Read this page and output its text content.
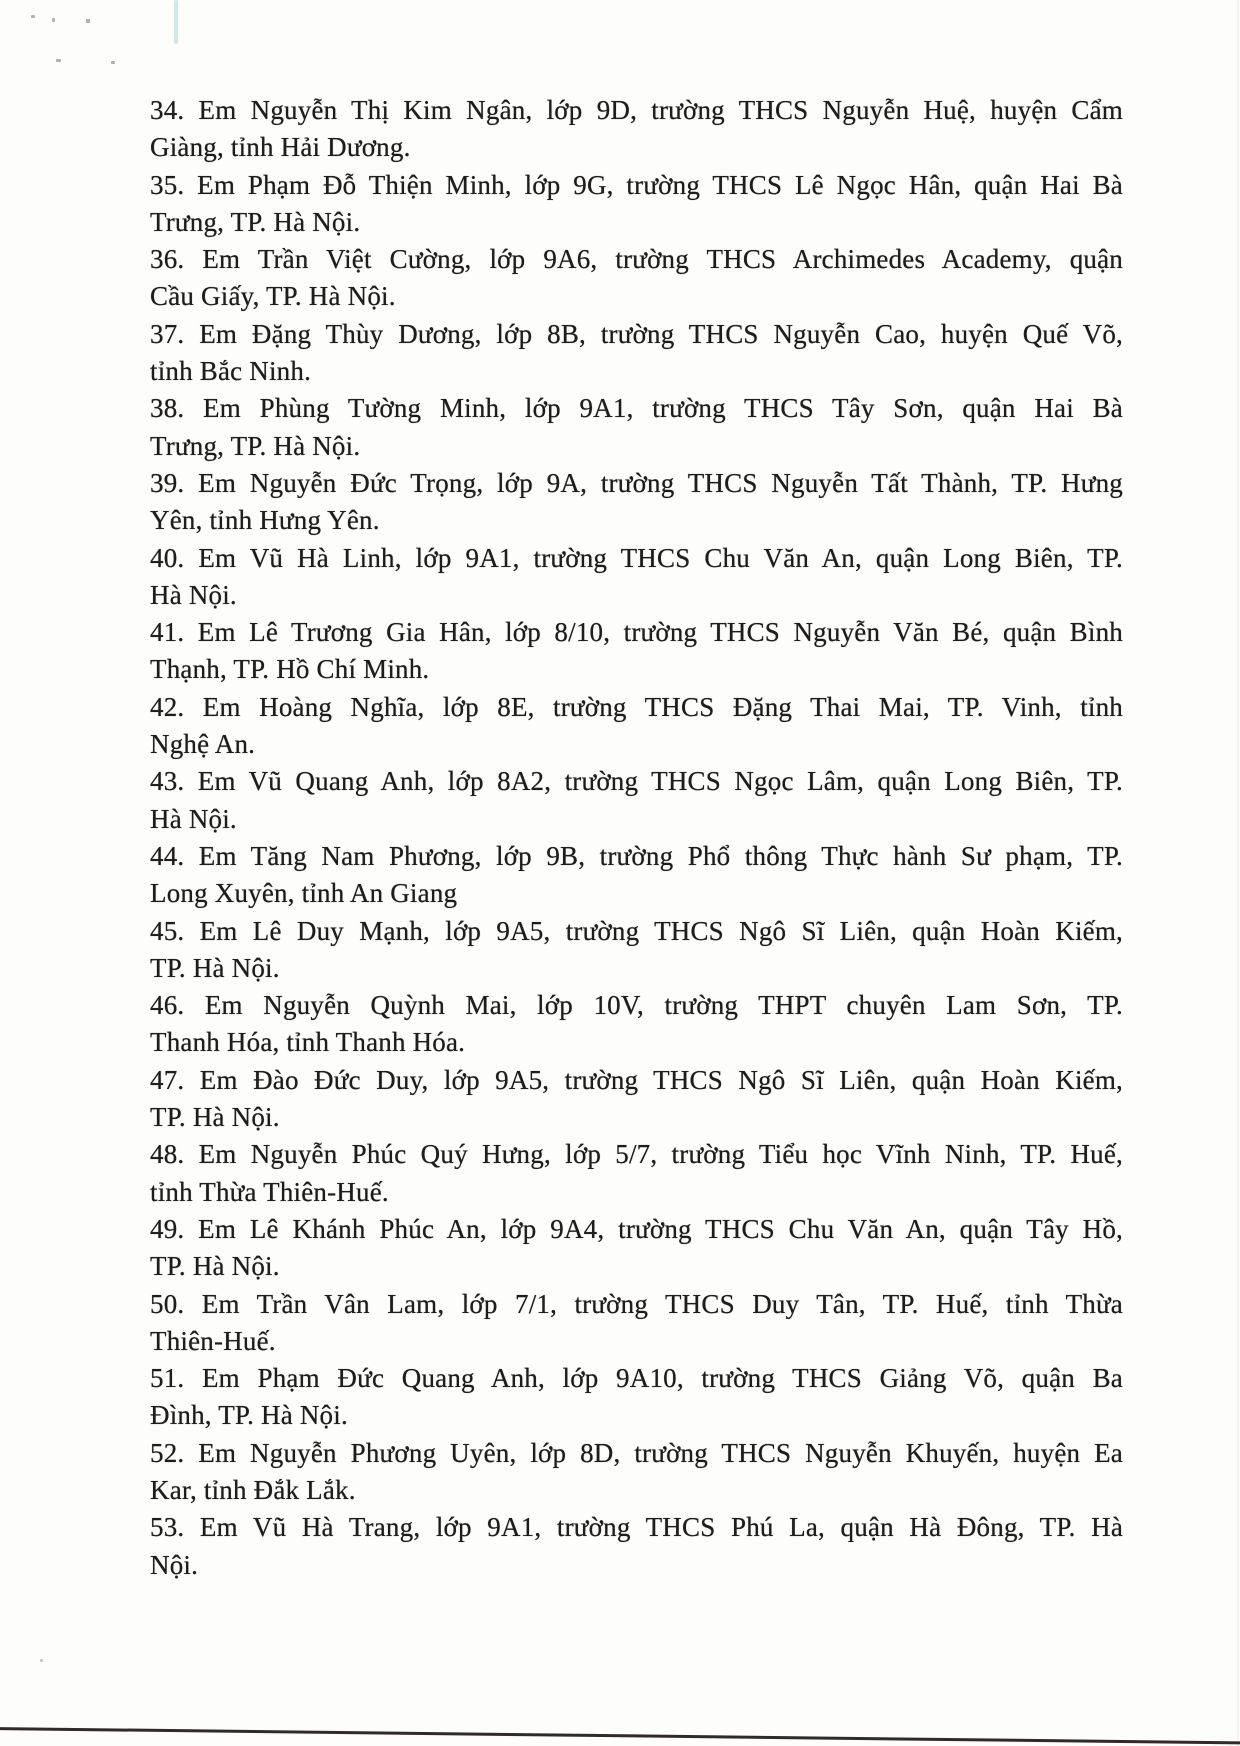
34. Em Nguyễn Thị Kim Ngân, lớp 9D, trường THCS Nguyễn Huệ, huyện Cẩm
Giàng, tỉnh Hải Dương.
35. Em Phạm Đỗ Thiện Minh, lớp 9G, trường THCS Lê Ngọc Hân, quận Hai Bà
Trưng, TP. Hà Nội.
36. Em Trần Việt Cường, lớp 9A6, trường THCS Archimedes Academy, quận
Cầu Giấy, TP. Hà Nội.
37. Em Đặng Thùy Dương, lớp 8B, trường THCS Nguyễn Cao, huyện Quế Võ,
tỉnh Bắc Ninh.
38. Em Phùng Tường Minh, lớp 9A1, trường THCS Tây Sơn, quận Hai Bà
Trưng, TP. Hà Nội.
39. Em Nguyễn Đức Trọng, lớp 9A, trường THCS Nguyễn Tất Thành, TP. Hưng
Yên, tỉnh Hưng Yên.
40. Em Vũ Hà Linh, lớp 9A1, trường THCS Chu Văn An, quận Long Biên, TP.
Hà Nội.
41. Em Lê Trương Gia Hân, lớp 8/10, trường THCS Nguyễn Văn Bé, quận Bình
Thạnh, TP. Hồ Chí Minh.
42. Em Hoàng Nghĩa, lớp 8E, trường THCS Đặng Thai Mai, TP. Vinh, tỉnh
Nghệ An.
43. Em Vũ Quang Anh, lớp 8A2, trường THCS Ngọc Lâm, quận Long Biên, TP.
Hà Nội.
44. Em Tăng Nam Phương, lớp 9B, trường Phổ thông Thực hành Sư phạm, TP.
Long Xuyên, tỉnh An Giang
45. Em Lê Duy Mạnh, lớp 9A5, trường THCS Ngô Sĩ Liên, quận Hoàn Kiếm,
TP. Hà Nội.
46. Em Nguyễn Quỳnh Mai, lớp 10V, trường THPT chuyên Lam Sơn, TP.
Thanh Hóa, tỉnh Thanh Hóa.
47. Em Đào Đức Duy, lớp 9A5, trường THCS Ngô Sĩ Liên, quận Hoàn Kiếm,
TP. Hà Nội.
48. Em Nguyễn Phúc Quý Hưng, lớp 5/7, trường Tiểu học Vĩnh Ninh, TP. Huế,
tỉnh Thừa Thiên-Huế.
49. Em Lê Khánh Phúc An, lớp 9A4, trường THCS Chu Văn An, quận Tây Hồ,
TP. Hà Nội.
50. Em Trần Vân Lam, lớp 7/1, trường THCS Duy Tân, TP. Huế, tỉnh Thừa
Thiên-Huế.
51. Em Phạm Đức Quang Anh, lớp 9A10, trường THCS Giảng Võ, quận Ba
Đình, TP. Hà Nội.
52. Em Nguyễn Phương Uyên, lớp 8D, trường THCS Nguyễn Khuyến, huyện Ea
Kar, tỉnh Đắk Lắk.
53. Em Vũ Hà Trang, lớp 9A1, trường THCS Phú La, quận Hà Đông, TP. Hà
Nội.
